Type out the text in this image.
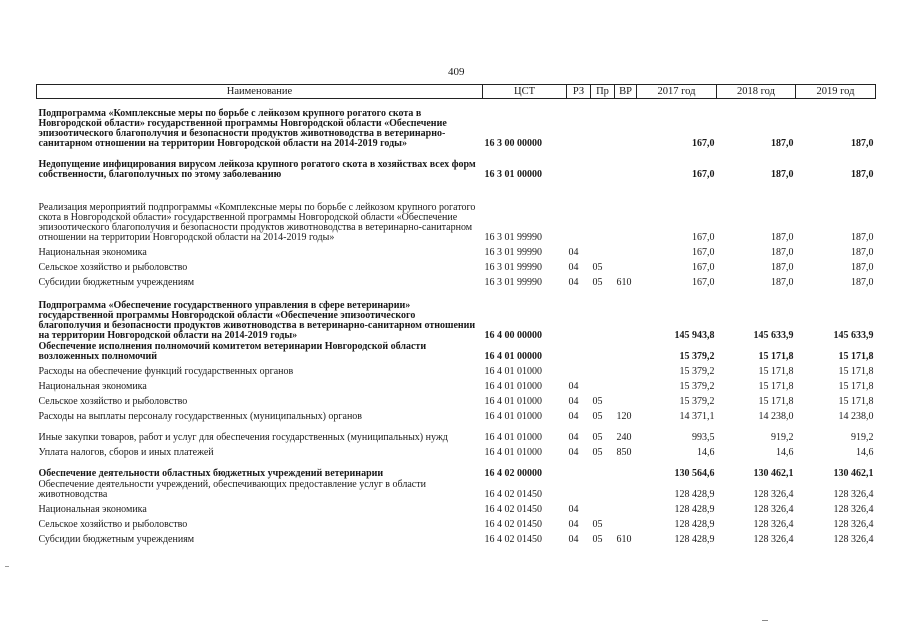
409
Наименование	ЦСТ	РЗ	Пр	ВР	2017 год	2018 год	2019 год
Подпрограмма «Комплексные меры по борьбе с лейкозом крупного рогатого скота в Новгородской области» государственной программы Новгородской области «Обеспечение эпизоотического благополучия и безопасности продуктов животноводства в ветеринарно-санитарном отношении на территории Новгородской области на 2014-2019 годы»	16 3 00 00000				167,0	187,0	187,0
Недопущение инфицирования вирусом лейкоза крупного рогатого скота в хозяйствах всех форм собственности, благополучных по этому заболеванию	16 3 01 00000				167,0	187,0	187,0
Реализация мероприятий подпрограммы «Комплексные меры по борьбе с лейкозом крупного рогатого скота в Новгородской области» государственной программы Новгородской области «Обеспечение эпизоотического благополучия и безопасности продуктов животноводства в ветеринарно-санитарном отношении на территории Новгородской области на 2014-2019 годы»	16 3 01 99990				167,0	187,0	187,0
Национальная экономика	16 3 01 99990	04			167,0	187,0	187,0
Сельское хозяйство и рыболовство	16 3 01 99990	04	05		167,0	187,0	187,0
Субсидии бюджетным учреждениям	16 3 01 99990	04	05	610	167,0	187,0	187,0
Подпрограмма «Обеспечение государственного управления в сфере ветеринарии» государственной программы Новгородской области «Обеспечение эпизоотического благополучия и безопасности продуктов животноводства в ветеринарно-санитарном отношении на территории Новгородской области на 2014-2019 годы»	16 4 00 00000				145 943,8	145 633,9	145 633,9
Обеспечение исполнения полномочий комитетом ветеринарии Новгородской области возложенных полномочий	16 4 01 00000				15 379,2	15 171,8	15 171,8
Расходы на обеспечение функций государственных органов	16 4 01 01000				15 379,2	15 171,8	15 171,8
Национальная экономика	16 4 01 01000	04			15 379,2	15 171,8	15 171,8
Сельское хозяйство и рыболовство	16 4 01 01000	04	05		15 379,2	15 171,8	15 171,8
Расходы на выплаты персоналу государственных (муниципальных) органов	16 4 01 01000	04	05	120	14 371,1	14 238,0	14 238,0
Иные закупки товаров, работ и услуг для обеспечения государственных (муниципальных) нужд	16 4 01 01000	04	05	240	993,5	919,2	919,2
Уплата налогов, сборов и иных платежей	16 4 01 01000	04	05	850	14,6	14,6	14,6
Обеспечение деятельности областных бюджетных учреждений ветеринарии	16 4 02 00000				130 564,6	130 462,1	130 462,1
Обеспечение деятельности учреждений, обеспечивающих предоставление услуг в области животноводства	16 4 02 01450				128 428,9	128 326,4	128 326,4
Национальная экономика	16 4 02 01450	04			128 428,9	128 326,4	128 326,4
Сельское хозяйство и рыболовство	16 4 02 01450	04	05		128 428,9	128 326,4	128 326,4
Субсидии бюджетным учреждениям	16 4 02 01450	04	05	610	128 428,9	128 326,4	128 326,4
